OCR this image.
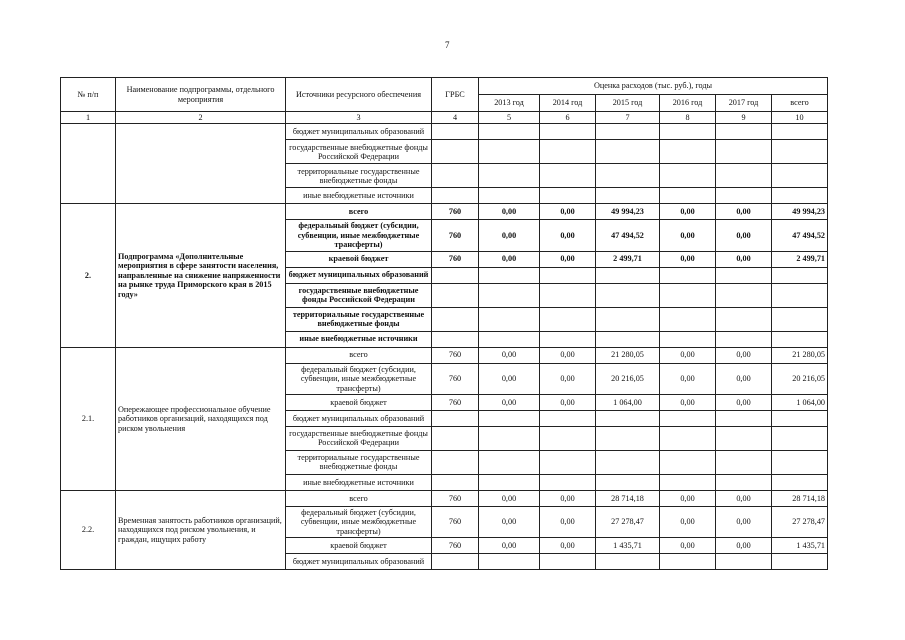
7
№ п/п	Наименование подпрограммы, отдельного мероприятия	Источники ресурсного обеспечения	ГРБС	Оценка расходов (тыс. руб.), годы					
				2013 год	2014 год	2015 год	2016 год	2017 год	всего
1	2	3	4	5	6	7	8	9	10
		бюджет муниципальных образований							
		государственные внебюджетные фонды Российской Федерации							
		территориальные государственные внебюджетные фонды							
		иные внебюджетные источники							
2.	Подпрограмма «Дополнительные мероприятия в сфере занятости населения, направленные на снижение напряженности на рынке труда Приморского края в 2015 году»	всего	760	0,00	0,00	49 994,23	0,00	0,00	49 994,23
		федеральный бюджет (субсидии, субвенции, иные межбюджетные трансферты)	760	0,00	0,00	47 494,52	0,00	0,00	47 494,52
		краевой бюджет	760	0,00	0,00	2 499,71	0,00	0,00	2 499,71
		бюджет муниципальных образований							
		государственные внебюджетные фонды Российской Федерации							
		территориальные государственные внебюджетные фонды							
		иные внебюджетные источники							
2.1.	Опережающее профессиональное обучение работников организаций, находящихся под риском увольнения	всего	760	0,00	0,00	21 280,05	0,00	0,00	21 280,05
		федеральный бюджет (субсидии, субвенции, иные межбюджетные трансферты)	760	0,00	0,00	20 216,05	0,00	0,00	20 216,05
		краевой бюджет	760	0,00	0,00	1 064,00	0,00	0,00	1 064,00
		бюджет муниципальных образований							
		государственные внебюджетные фонды Российской Федерации							
		территориальные государственные внебюджетные фонды							
		иные внебюджетные источники							
2.2.	Временная занятость работников организаций, находящихся под риском увольнения, и граждан, ищущих работу	всего	760	0,00	0,00	28 714,18	0,00	0,00	28 714,18
		федеральный бюджет (субсидии, субвенции, иные межбюджетные трансферты)	760	0,00	0,00	27 278,47	0,00	0,00	27 278,47
		краевой бюджет	760	0,00	0,00	1 435,71	0,00	0,00	1 435,71
		бюджет муниципальных образований							
